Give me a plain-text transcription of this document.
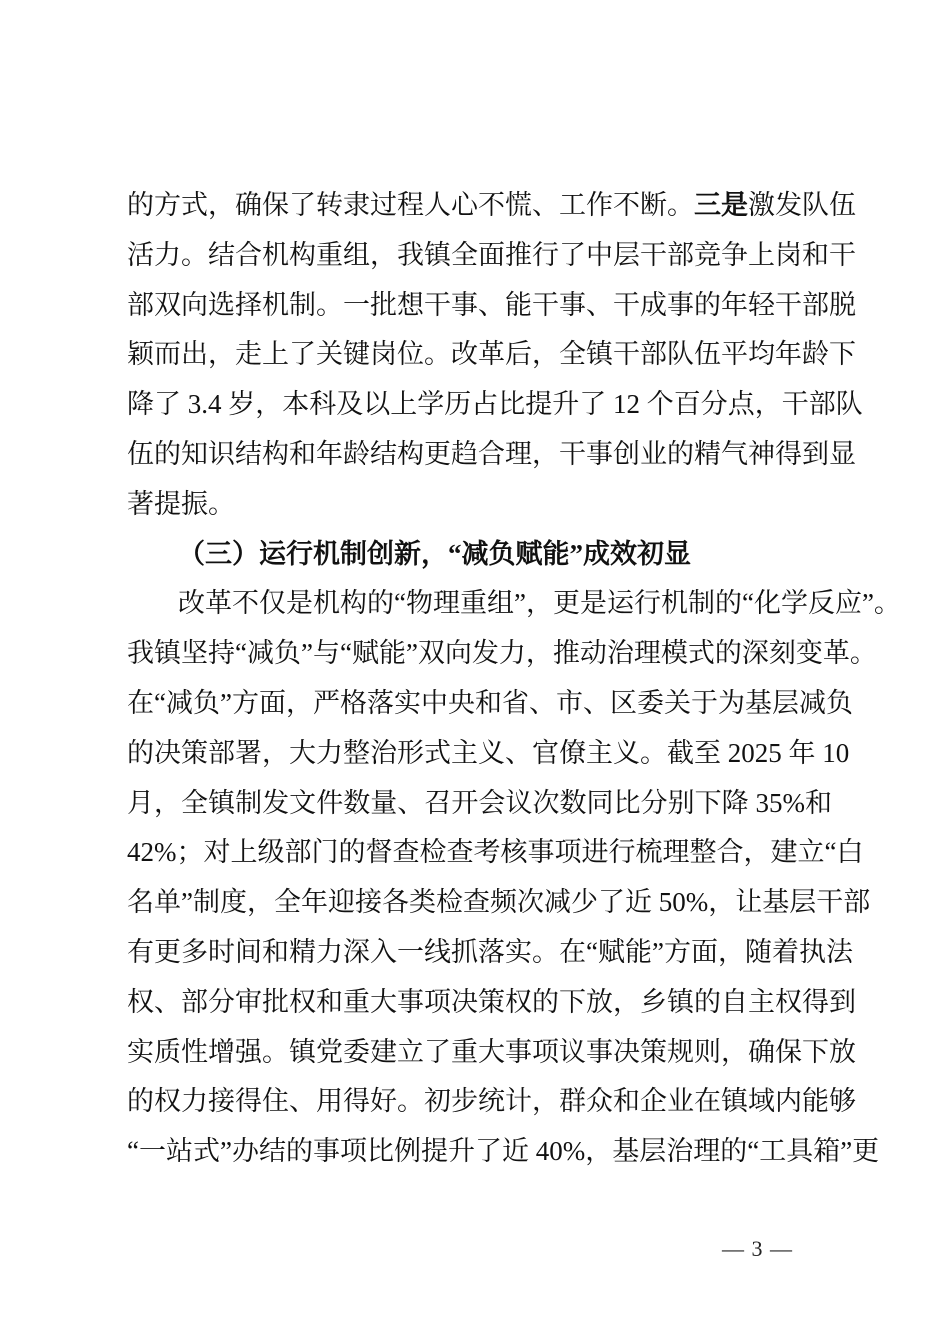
的方式，确保了转隶过程人心不慌、工作不断。三是激发队伍
活力。结合机构重组，我镇全面推行了中层干部竞争上岗和干
部双向选择机制。一批想干事、能干事、干成事的年轻干部脱
颖而出，走上了关键岗位。改革后，全镇干部队伍平均年龄下
降了 3.4 岁，本科及以上学历占比提升了 12 个百分点，干部队
伍的知识结构和年龄结构更趋合理，干事创业的精气神得到显
著提振。
（三）运行机制创新，“减负赋能”成效初显
改革不仅是机构的“物理重组”，更是运行机制的“化学反应”。
我镇坚持“减负”与“赋能”双向发力，推动治理模式的深刻变革。
在“减负”方面，严格落实中央和省、市、区委关于为基层减负
的决策部署，大力整治形式主义、官僚主义。截至 2025 年 10
月，全镇制发文件数量、召开会议次数同比分别下降 35%和
42%；对上级部门的督查检查考核事项进行梳理整合，建立“白
名单”制度，全年迎接各类检查频次减少了近 50%，让基层干部
有更多时间和精力深入一线抓落实。在“赋能”方面，随着执法
权、部分审批权和重大事项决策权的下放，乡镇的自主权得到
实质性增强。镇党委建立了重大事项议事决策规则，确保下放
的权力接得住、用得好。初步统计，群众和企业在镇域内能够
“一站式”办结的事项比例提升了近 40%，基层治理的“工具箱”更
— 3 —
